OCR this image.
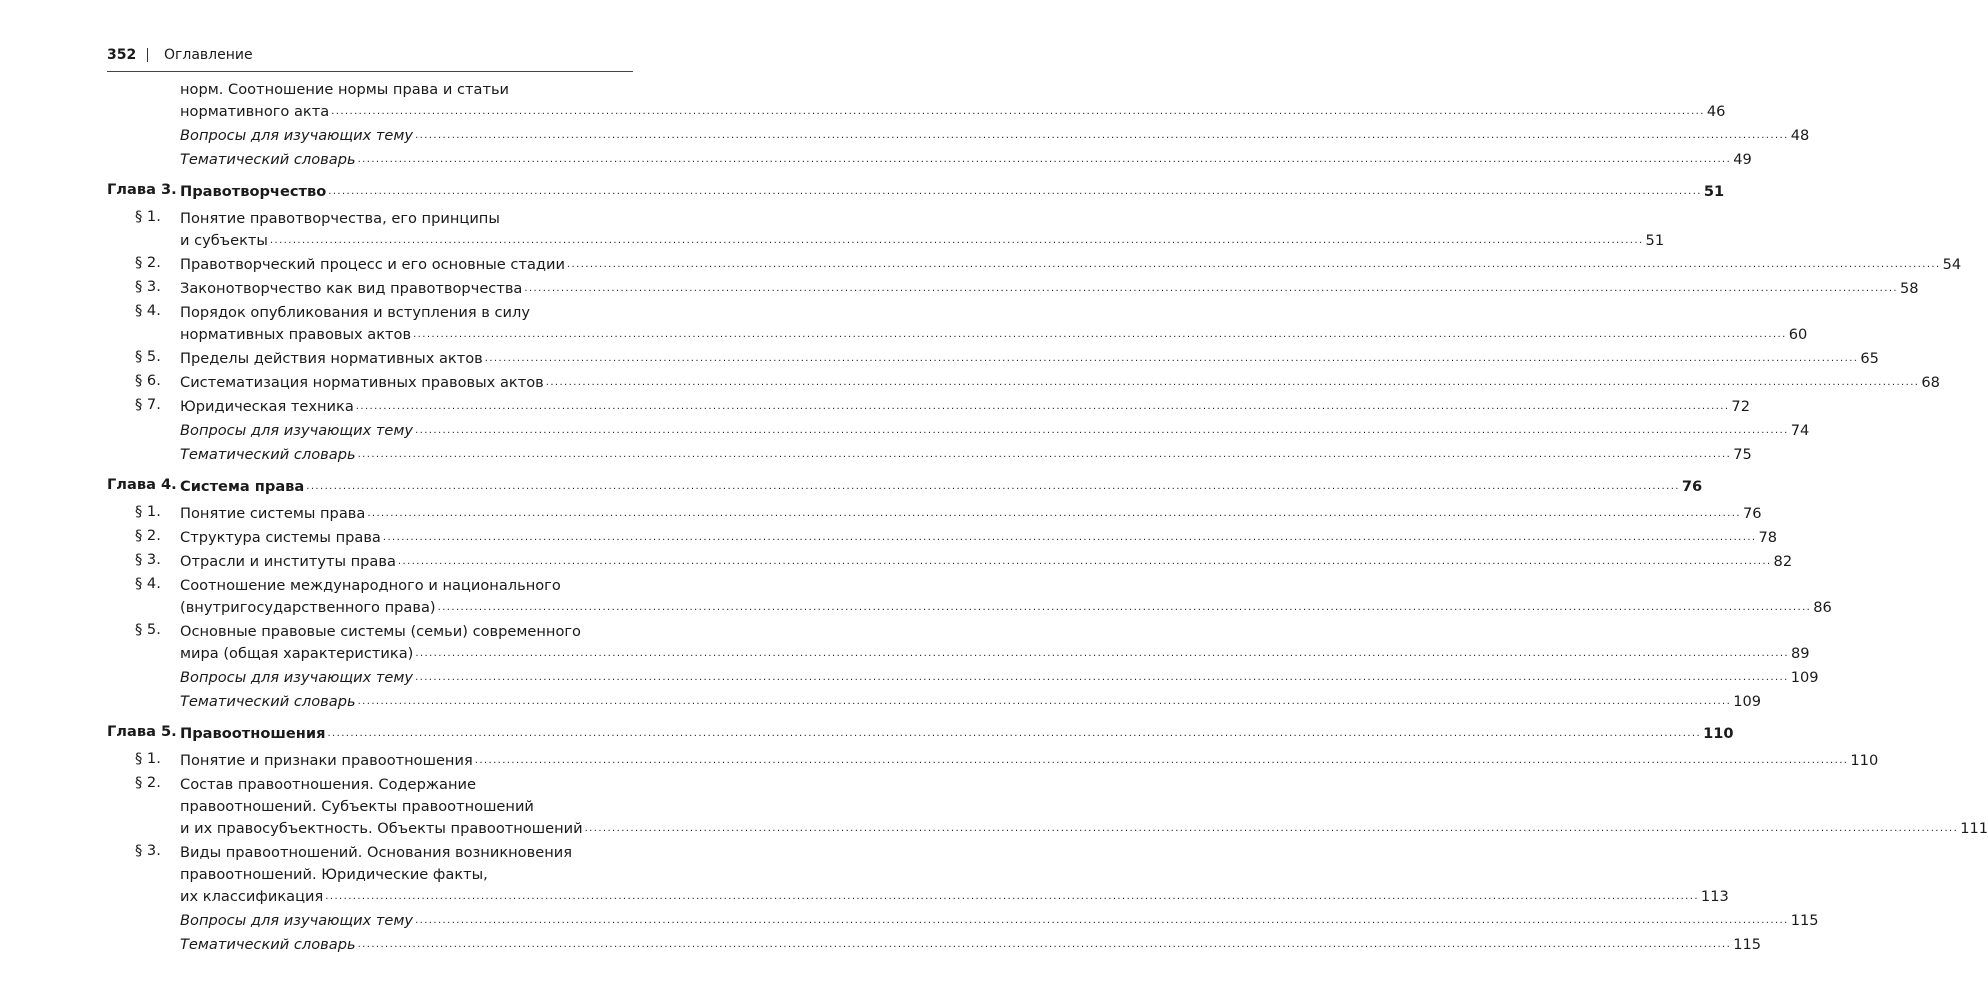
352	Оглавление
норм. Соотношение нормы права и статьи
нормативного акта ............................................................................................................................................................................................................................................................................................................ 46
Вопросы для изучающих тему ............................................................................................................................................................................................................................................................................................................ 48
Тематический словарь ............................................................................................................................................................................................................................................................................................................ 49
Глава 3. Правотворчество ............................................................................................................................................................................................................................................................................................................ 51
§ 1.	Понятие правотворчества, его принципы
и субъекты ............................................................................................................................................................................................................................................................................................................ 51
§ 2.	Правотворческий процесс и его основные стадии ............................................................................................................................................................................................................................................................................................................ 54
§ 3.	Законотворчество как вид правотворчества ............................................................................................................................................................................................................................................................................................................ 58
§ 4.	Порядок опубликования и вступления в силу
нормативных правовых актов ............................................................................................................................................................................................................................................................................................................ 60
§ 5.	Пределы действия нормативных актов ............................................................................................................................................................................................................................................................................................................ 65
§ 6.	Систематизация нормативных правовых актов ............................................................................................................................................................................................................................................................................................................ 68
§ 7.	Юридическая техника ............................................................................................................................................................................................................................................................................................................ 72
Вопросы для изучающих тему ............................................................................................................................................................................................................................................................................................................ 74
Тематический словарь ............................................................................................................................................................................................................................................................................................................ 75
Глава 4. Система права ............................................................................................................................................................................................................................................................................................................ 76
§ 1.	Понятие системы права ............................................................................................................................................................................................................................................................................................................ 76
§ 2.	Структура системы права ............................................................................................................................................................................................................................................................................................................ 78
§ 3.	Отрасли и институты права ............................................................................................................................................................................................................................................................................................................ 82
§ 4.	Соотношение международного и национального
(внутригосударственного права) ............................................................................................................................................................................................................................................................................................................ 86
§ 5.	Основные правовые системы (семьи) современного
мира (общая характеристика) ............................................................................................................................................................................................................................................................................................................ 89
Вопросы для изучающих тему ............................................................................................................................................................................................................................................................................................................ 109
Тематический словарь ............................................................................................................................................................................................................................................................................................................ 109
Глава 5. Правоотношения ............................................................................................................................................................................................................................................................................................................ 110
§ 1.	Понятие и признаки правоотношения ............................................................................................................................................................................................................................................................................................................ 110
§ 2.	Состав правоотношения. Содержание
правоотношений. Субъекты правоотношений
и их правосубъектность. Объекты правоотношений ............................................................................................................................................................................................................................................................................................................ 111
§ 3.	Виды правоотношений. Основания возникновения
правоотношений. Юридические факты,
их классификация ............................................................................................................................................................................................................................................................................................................ 113
Вопросы для изучающих тему ............................................................................................................................................................................................................................................................................................................ 115
Тематический словарь ............................................................................................................................................................................................................................................................................................................ 115
